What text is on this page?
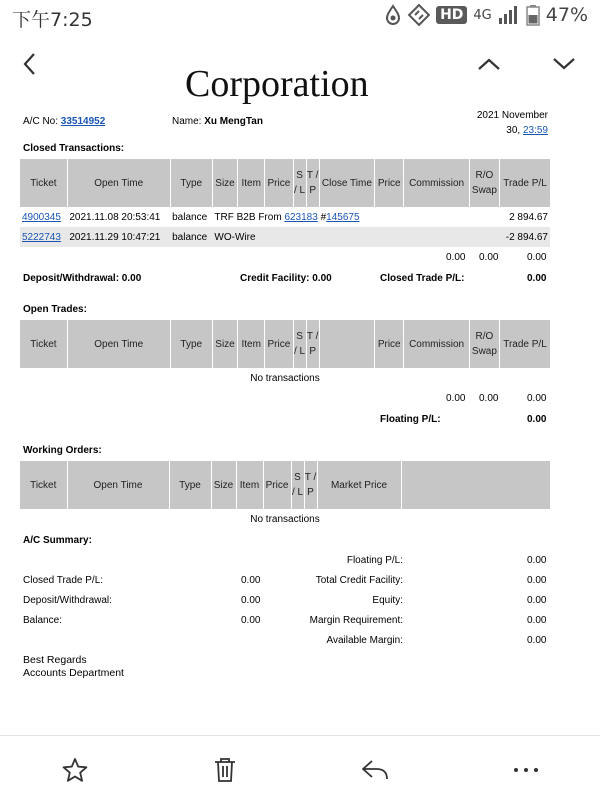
下午7:25	HD 4G	47%
Corporation
A/C No: 33514952	Name: Xu MengTan
2021 November
30, 23:59
Closed Transactions:
Ticket	Open Time	Type	Size	Item	Price	S / L	T / P	Close Time	Price	Commission	R/O Swap	Trade P/L
4900345	2021.11.08 20:53:41	balance	TRF B2B From 623183 #145675									2 894.67
5222743	2021.11.29 10:47:21	balance	WO-Wire									-2 894.67
0.00 0.00	0.00
Deposit/Withdrawal: 0.00	Credit Facility: 0.00	Closed Trade P/L:	0.00
Open Trades:
Ticket	Open Time	Type	Size	Item	Price	S / L	T / P		Price	Commission	R/O Swap	Trade P/L
No transactions
0.00 0.00	0.00
Floating P/L:	0.00
Working Orders:
Ticket	Open Time	Type	Size	Item	Price	S / L	T / P	Market Price	
No transactions
A/C Summary:
Floating P/L:	0.00
Closed Trade P/L:	0.00	Total Credit Facility:	0.00
Deposit/Withdrawal:	0.00	Equity:	0.00
Balance:	0.00	Margin Requirement:	0.00
Available Margin:	0.00
Best Regards
Accounts Department
